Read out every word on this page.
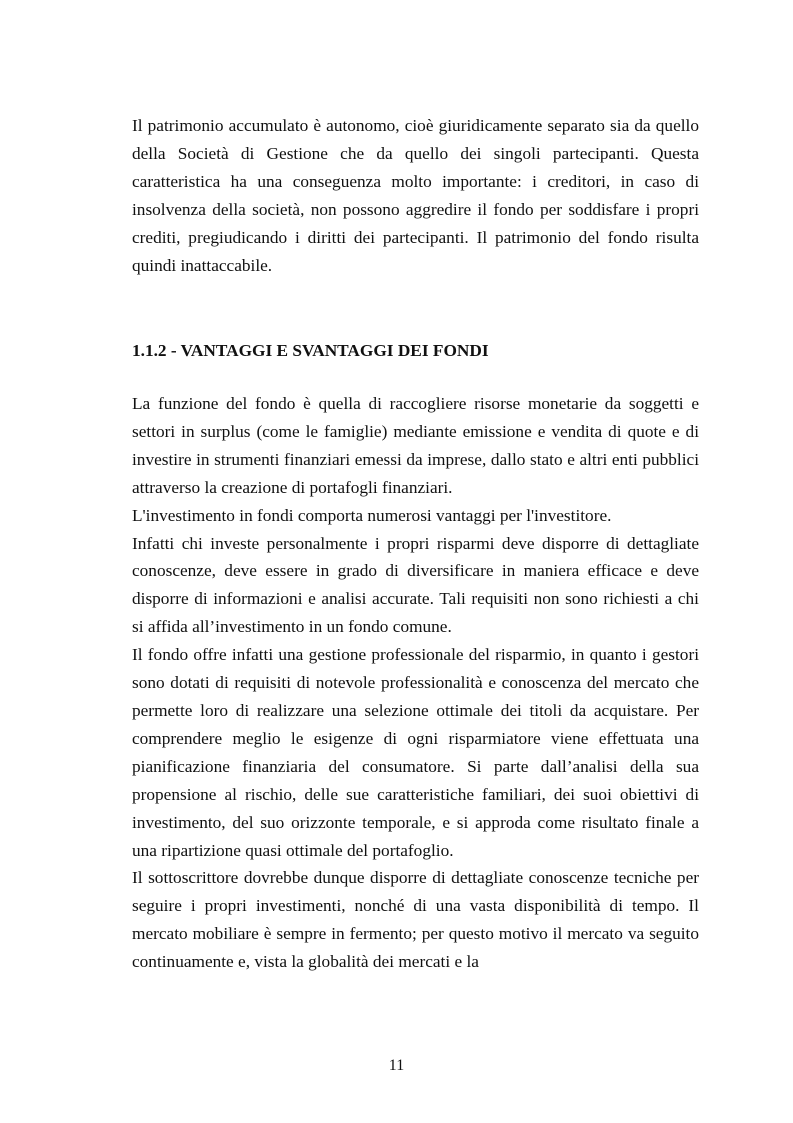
Il patrimonio accumulato è autonomo, cioè giuridicamente separato sia da quello della Società di Gestione che da quello dei singoli partecipanti. Questa caratteristica ha una conseguenza molto importante: i creditori, in caso di insolvenza della società, non possono aggredire il fondo per soddisfare i propri crediti, pregiudicando i diritti dei partecipanti. Il patrimonio del fondo risulta quindi inattaccabile.

1.1.2 - VANTAGGI E SVANTAGGI DEI FONDI

La funzione del fondo è quella di raccogliere risorse monetarie da soggetti e settori in surplus (come le famiglie) mediante emissione e vendita di quote e di investire in strumenti finanziari emessi da imprese, dallo stato e altri enti pubblici attraverso la creazione di portafogli finanziari.

L'investimento in fondi comporta numerosi vantaggi per l'investitore.

Infatti chi investe personalmente i propri risparmi deve disporre di dettagliate conoscenze, deve essere in grado di diversificare in maniera efficace e deve disporre di informazioni e analisi accurate. Tali requisiti non sono richiesti a chi si affida all’investimento in un fondo comune.

Il fondo offre infatti una gestione professionale del risparmio, in quanto i gestori sono dotati di requisiti di notevole professionalità e conoscenza del mercato che permette loro di realizzare una selezione ottimale dei titoli da acquistare. Per comprendere meglio le esigenze di ogni risparmiatore viene effettuata una pianificazione finanziaria del consumatore. Si parte dall’analisi della sua propensione al rischio, delle sue caratteristiche familiari, dei suoi obiettivi di investimento, del suo orizzonte temporale, e si approda come risultato finale a una ripartizione quasi ottimale del portafoglio.

Il sottoscrittore dovrebbe dunque disporre di dettagliate conoscenze tecniche per seguire i propri investimenti, nonché di una vasta disponibilità di tempo. Il mercato mobiliare è sempre in fermento; per questo motivo il mercato va seguito continuamente e, vista la globalità dei mercati e la

11
